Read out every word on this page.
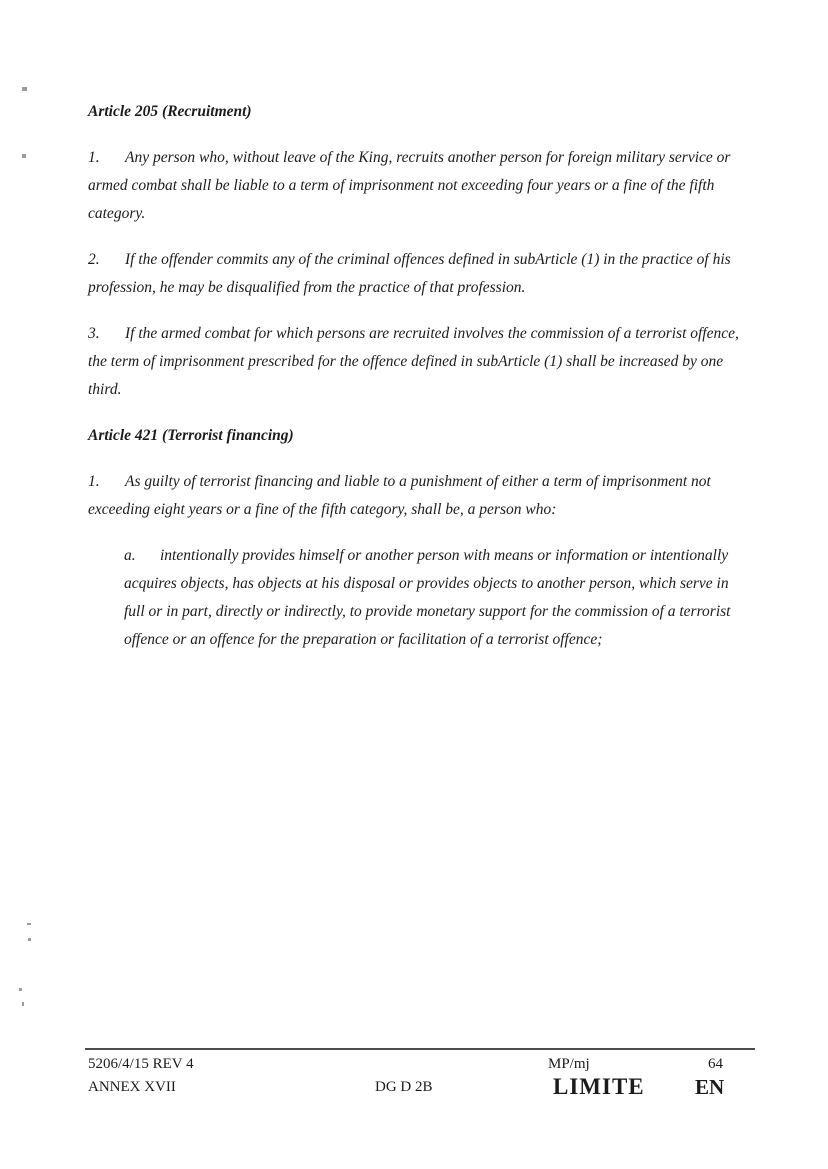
Article 205 (Recruitment)

1. Any person who, without leave of the King, recruits another person for foreign military service or armed combat shall be liable to a term of imprisonment not exceeding four years or a fine of the fifth category.

2. If the offender commits any of the criminal offences defined in subArticle (1) in the practice of his profession, he may be disqualified from the practice of that profession.

3. If the armed combat for which persons are recruited involves the commission of a terrorist offence, the term of imprisonment prescribed for the offence defined in subArticle (1) shall be increased by one third.

Article 421 (Terrorist financing)

1. As guilty of terrorist financing and liable to a punishment of either a term of imprisonment not exceeding eight years or a fine of the fifth category, shall be, a person who:

a. intentionally provides himself or another person with means or information or intentionally acquires objects, has objects at his disposal or provides objects to another person, which serve in full or in part, directly or indirectly, to provide monetary support for the commission of a terrorist offence or an offence for the preparation or facilitation of a terrorist offence;

5206/4/15 REV 4	MP/mj	64
ANNEX XVII	DG D 2B	LIMITE EN
